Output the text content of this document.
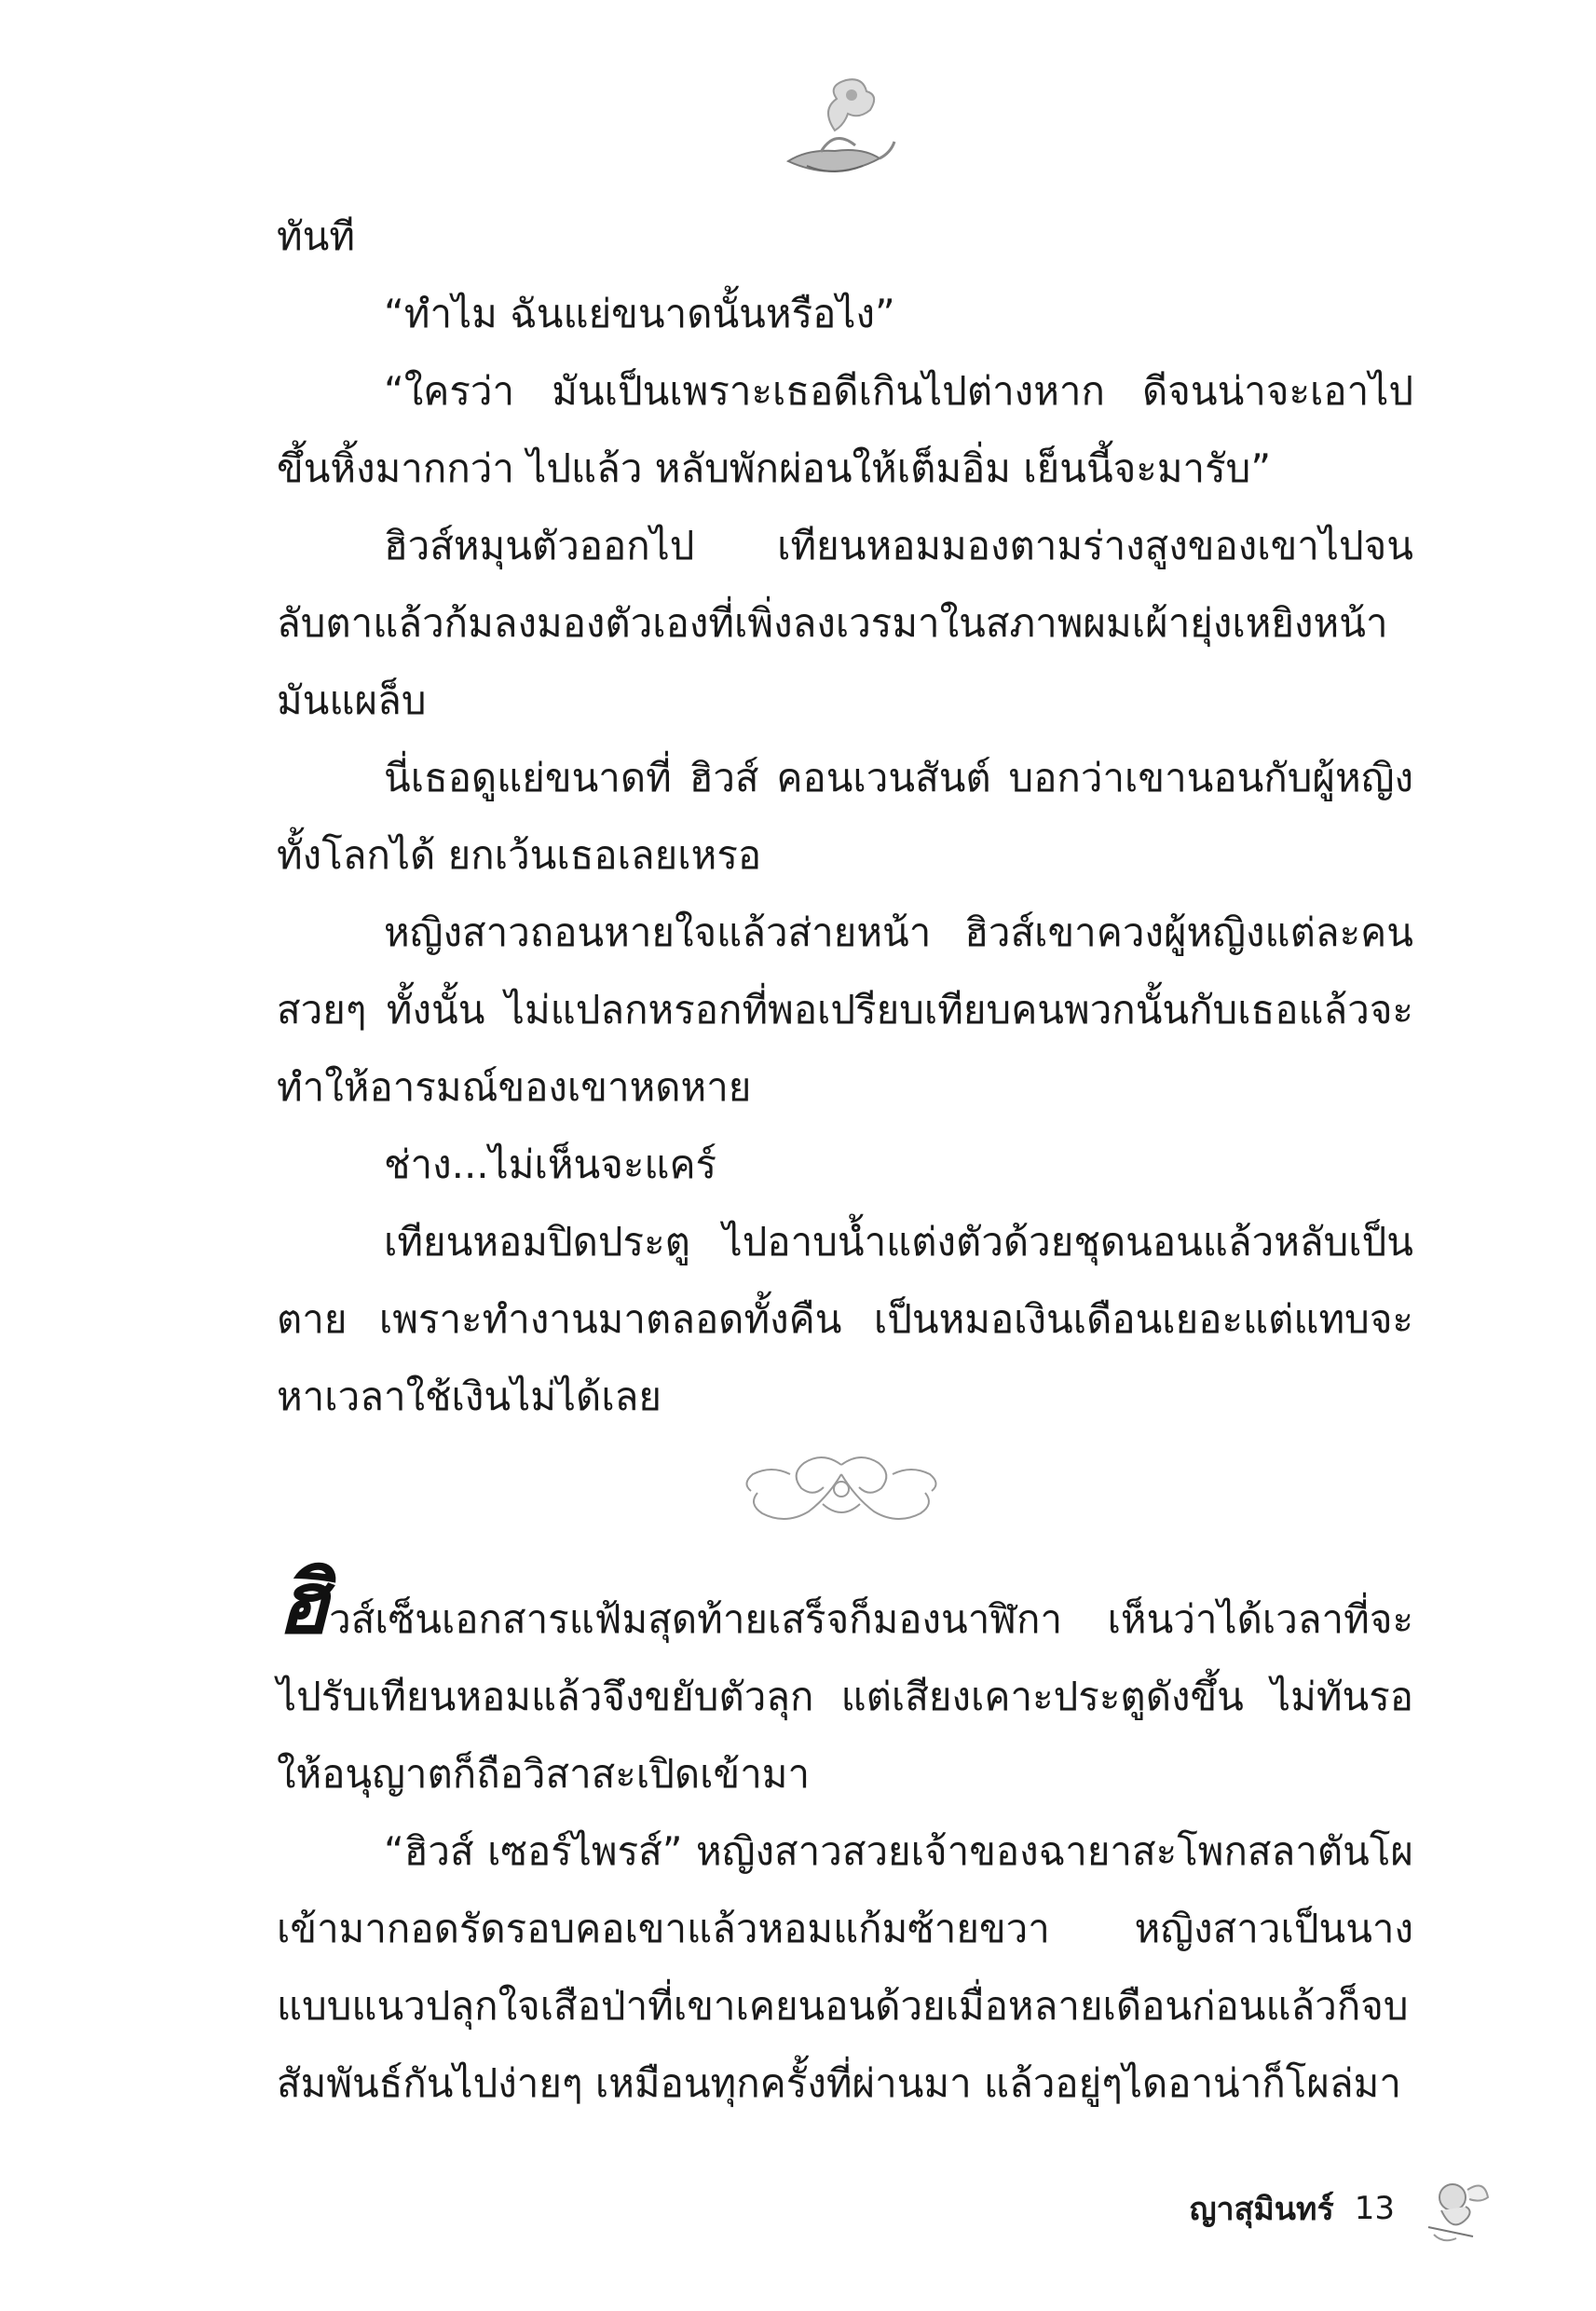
ทันที

“ทำไม ฉันแย่ขนาดนั้นหรือไง”

“ใครว่า มันเป็นเพราะเธอดีเกินไปต่างหาก ดีจนน่าจะเอาไปขึ้นหิ้งมากกว่า ไปแล้ว หลับพักผ่อนให้เต็มอิ่ม เย็นนี้จะมารับ”

ฮิวส์หมุนตัวออกไป เทียนหอมมองตามร่างสูงของเขาไปจนลับตาแล้วก้มลงมองตัวเองที่เพิ่งลงเวรมาในสภาพผมเผ้ายุ่งเหยิงหน้ามันแผล็บ

นี่เธอดูแย่ขนาดที่ ฮิวส์ คอนเวนสันต์ บอกว่าเขานอนกับผู้หญิงทั้งโลกได้ ยกเว้นเธอเลยเหรอ

หญิงสาวถอนหายใจแล้วส่ายหน้า ฮิวส์เขาควงผู้หญิงแต่ละคนสวยๆ ทั้งนั้น ไม่แปลกหรอกที่พอเปรียบเทียบคนพวกนั้นกับเธอแล้วจะทำให้อารมณ์ของเขาหดหาย

ช่าง...ไม่เห็นจะแคร์

เทียนหอมปิดประตู ไปอาบน้ำแต่งตัวด้วยชุดนอนแล้วหลับเป็นตาย เพราะทำงานมาตลอดทั้งคืน เป็นหมอเงินเดือนเยอะแต่แทบจะหาเวลาใช้เงินไม่ได้เลย

ฮิวส์เซ็นเอกสารแฟ้มสุดท้ายเสร็จก็มองนาฬิกา เห็นว่าได้เวลาที่จะไปรับเทียนหอมแล้วจึงขยับตัวลุก แต่เสียงเคาะประตูดังขึ้น ไม่ทันรอให้อนุญาตก็ถือวิสาสะเปิดเข้ามา

“ฮิวส์ เซอร์ไพรส์” หญิงสาวสวยเจ้าของฉายาสะโพกสลาตันโผเข้ามากอดรัดรอบคอเขาแล้วหอมแก้มซ้ายขวา หญิงสาวเป็นนางแบบแนวปลุกใจเสือป่าที่เขาเคยนอนด้วยเมื่อหลายเดือนก่อนแล้วก็จบสัมพันธ์กันไปง่ายๆ เหมือนทุกครั้งที่ผ่านมา แล้วอยู่ๆไดอาน่าก็โผล่มา

ญาสุมินทร์ 13
